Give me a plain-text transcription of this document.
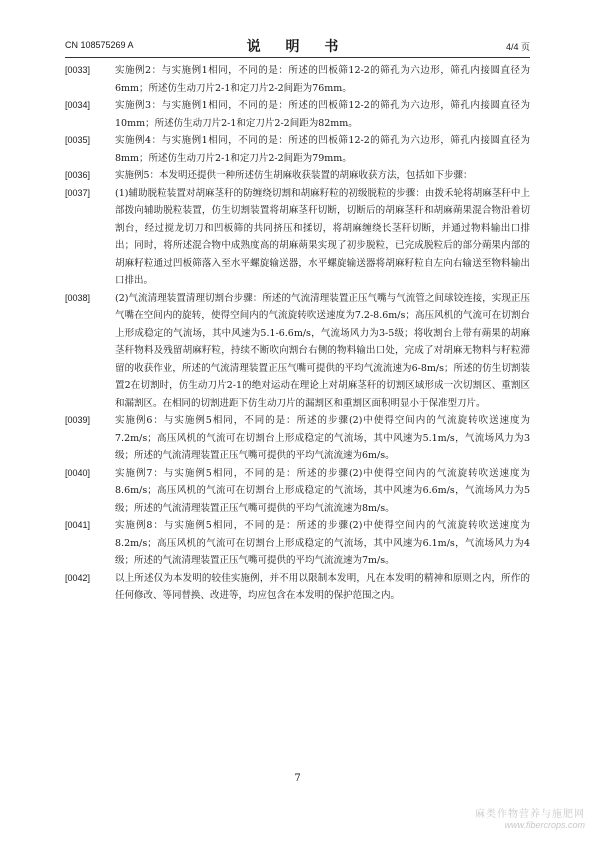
说 明 书
CN 108575269 A	4/4 页

[0033]	实施例2：与实施例1相同，不同的是：所述的凹板筛12-2的筛孔为六边形，筛孔内接圆直径为6mm；所述仿生动刀片2-1和定刀片2-2间距为76mm。

[0034]	实施例3：与实施例1相同，不同的是：所述的凹板筛12-2的筛孔为六边形，筛孔内接圆直径为10mm；所述仿生动刀片2-1和定刀片2-2间距为82mm。

[0035]	实施例4：与实施例1相同，不同的是：所述的凹板筛12-2的筛孔为六边形，筛孔内接圆直径为8mm；所述仿生动刀片2-1和定刀片2-2间距为79mm。

[0036]	实施例5：本发明还提供一种所述仿生胡麻收获装置的胡麻收获方法，包括如下步骤：

[0037]	(1)辅助脱粒装置对胡麻茎秆的防缠绕切割和胡麻籽粒的初级脱粒的步骤：由拨禾轮将胡麻茎秆中上部拨向辅助脱粒装置，仿生切割装置将胡麻茎秆切断，切断后的胡麻茎秆和胡麻蒴果混合物沿着切割台，经过搅龙切刀和凹板筛的共同挤压和揉切，将胡麻缠绕长茎秆切断，并通过物料输出口排出；同时，将所述混合物中成熟度高的胡麻蒴果实现了初步脱粒，已完成脱粒后的部分蒴果内部的胡麻籽粒通过凹板筛落入至水平螺旋输送器，水平螺旋输送器将胡麻籽粒自左向右输送至物料输出口排出。

[0038]	(2)气流清理装置清理切割台步骤：所述的气流清理装置正压气嘴与气流管之间球铰连接，实现正压气嘴在空间内的旋转，使得空间内的气流旋转吹送速度为7.2-8.6m/s；高压风机的气流可在切割台上形成稳定的气流场，其中风速为5.1-6.6m/s，气流场风力为3-5级；将收割台上带有蒴果的胡麻茎秆物料及残留胡麻籽粒，持续不断吹向割台右侧的物料输出口处，完成了对胡麻无物料与籽粒滞留的收获作业，所述的气流清理装置正压气嘴可提供的平均气流流速为6-8m/s；所述的仿生切割装置2在切割时，仿生动刀片2-1的绝对运动在理论上对胡麻茎秆的切割区域形成一次切割区、重割区和漏割区。在相同的切割进距下仿生动刀片的漏割区和重割区面积明显小于保准型刀片。

[0039]	实施例6：与实施例5相同，不同的是：所述的步骤(2)中使得空间内的气流旋转吹送速度为7.2m/s；高压风机的气流可在切割台上形成稳定的气流场，其中风速为5.1m/s，气流场风力为3级；所述的气流清理装置正压气嘴可提供的平均气流流速为6m/s。

[0040]	实施例7：与实施例5相同，不同的是：所述的步骤(2)中使得空间内的气流旋转吹送速度为8.6m/s；高压风机的气流可在切割台上形成稳定的气流场，其中风速为6.6m/s，气流场风力为5级；所述的气流清理装置正压气嘴可提供的平均气流流速为8m/s。

[0041]	实施例8：与实施例5相同，不同的是：所述的步骤(2)中使得空间内的气流旋转吹送速度为8.2m/s；高压风机的气流可在切割台上形成稳定的气流场，其中风速为6.1m/s，气流场风力为4级；所述的气流清理装置正压气嘴可提供的平均气流流速为7m/s。

[0042]	以上所述仅为本发明的较佳实施例，并不用以限制本发明，凡在本发明的精神和原则之内，所作的任何修改、等同替换、改进等，均应包含在本发明的保护范围之内。

7
麻类作物营养与施肥网
www.fibercrops.com
